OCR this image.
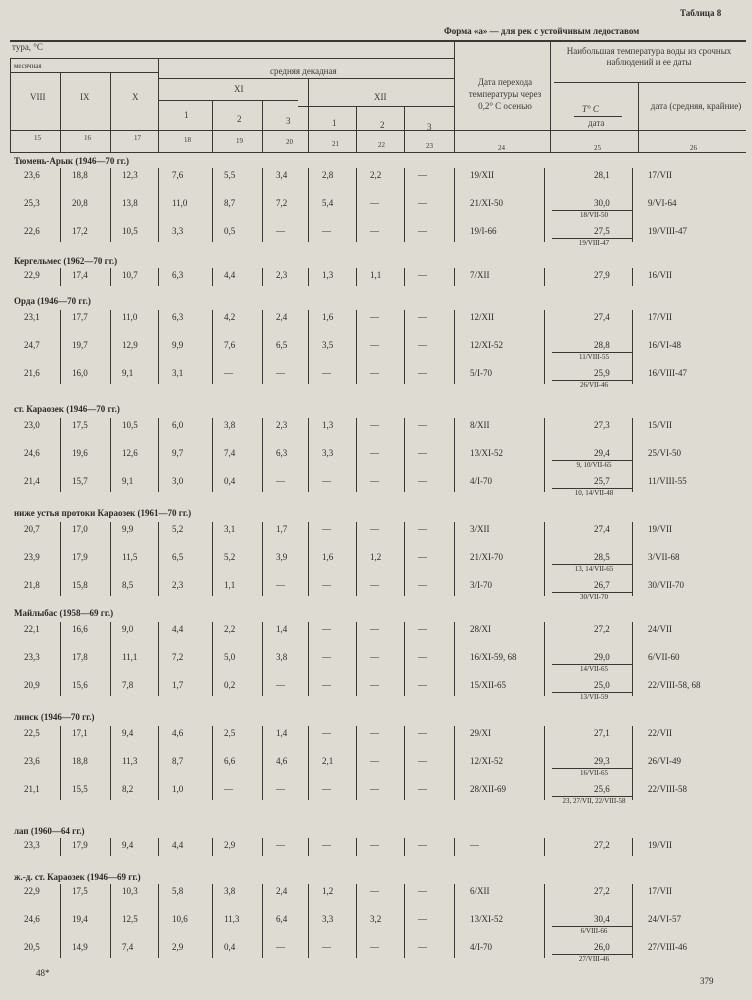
Таблица 8
Форма «а» — для рек с устойчивым ледоставом
тура, °С
месячная	средняя декадная
VIII	IX	X
XI
XII
1	2	3	1	2	3
Дата перехода температуры через 0,2° С осенью
Наибольшая температура воды из срочных наблюдений и ее даты
T° C
дата
дата (средняя, крайние)
15	16	17	18	19	20	21	22	23	24	25	26
Тюмень-Арык (1946—70 гг.)
23,6	18,8	12,3	7,6	5,5	3,4	2,8	2,2	—	19/XII	28,1	17/VII
25,3	20,8	13,8	11,0	8,7	7,2	5,4	—	—	21/XI-50	30,0	9/VI-64
18/VII-50
22,6	17,2	10,5	3,3	0,5	—	—	—	—	19/I-66	27,5	19/VIII-47
19/VIII-47
Кергельмес (1962—70 гг.)
22,9	17,4	10,7	6,3	4,4	2,3	1,3	1,1	—	7/XII	27,9	16/VII
Орда (1946—70 гг.)
23,1	17,7	11,0	6,3	4,2	2,4	1,6	—	—	12/XII	27,4	17/VII
24,7	19,7	12,9	9,9	7,6	6,5	3,5	—	—	12/XI-52	28,8	16/VI-48
11/VIII-55
21,6	16,0	9,1	3,1	—	—	—	—	—	5/I-70	25,9	16/VIII-47
26/VII-46
ст. Караозек (1946—70 гг.)
23,0	17,5	10,5	6,0	3,8	2,3	1,3	—	—	8/XII	27,3	15/VII
24,6	19,6	12,6	9,7	7,4	6,3	3,3	—	—	13/XI-52	29,4	25/VI-50
9, 10/VII-65
21,4	15,7	9,1	3,0	0,4	—	—	—	—	4/I-70	25,7	11/VIII-55
10, 14/VII-48
ниже устья протоки Караозек (1961—70 гг.)
20,7	17,0	9,9	5,2	3,1	1,7	—	—	—	3/XII	27,4	19/VII
23,9	17,9	11,5	6,5	5,2	3,9	1,6	1,2	—	21/XI-70	28,5	3/VII-68
13, 14/VII-65
21,8	15,8	8,5	2,3	1,1	—	—	—	—	3/I-70	26,7	30/VII-70
30/VII-70
Майлыбас (1958—69 гг.)
22,1	16,6	9,0	4,4	2,2	1,4	—	—	—	28/XI	27,2	24/VII
23,3	17,8	11,1	7,2	5,0	3,8	—	—	—	16/XI-59, 68	29,0	6/VII-60
14/VII-65
20,9	15,6	7,8	1,7	0,2	—	—	—	—	15/XII-65	25,0	22/VIII-58, 68
13/VII-59
линск (1946—70 гг.)
22,5	17,1	9,4	4,6	2,5	1,4	—	—	—	29/XI	27,1	22/VII
23,6	18,8	11,3	8,7	6,6	4,6	2,1	—	—	12/XI-52	29,3	26/VI-49
16/VII-65
21,1	15,5	8,2	1,0	—	—	—	—	—	28/XII-69	25,6	22/VIII-58
23, 27/VII, 22/VIII-58
лап (1960—64 гг.)
23,3	17,9	9,4	4,4	2,9	—	—	—	—	—	27,2	19/VII
ж.-д. ст. Караозек (1946—69 гг.)
22,9	17,5	10,3	5,8	3,8	2,4	1,2	—	—	6/XII	27,2	17/VII
24,6	19,4	12,5	10,6	11,3	6,4	3,3	3,2	—	13/XI-52	30,4	24/VI-57
6/VIII-66
20,5	14,9	7,4	2,9	0,4	—	—	—	—	4/I-70	26,0	27/VIII-46
27/VIII-46
48*
379
